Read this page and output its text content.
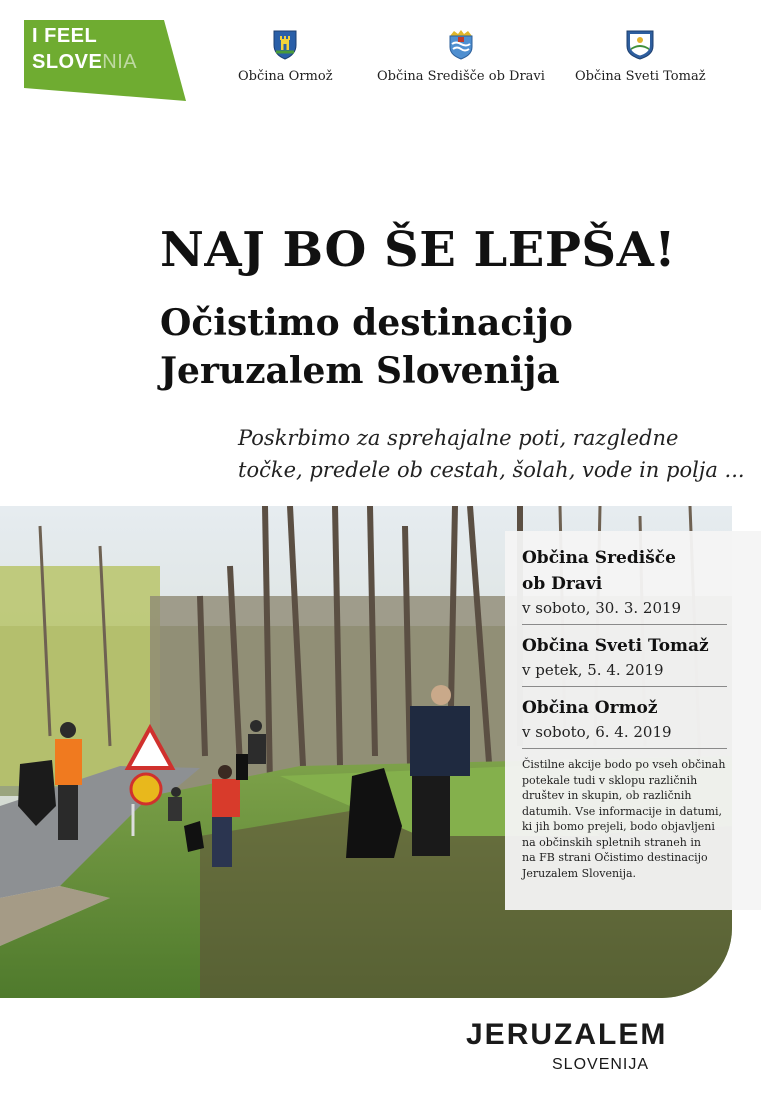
I FEEL
SLOVENIA
Občina Ormož	Občina Središče ob Dravi Občina Sveti Tomaž
NAJ BO ŠE LEPŠA!
Očistimo destinacijo
Jeruzalem Slovenija
Poskrbimo za sprehajalne poti, razgledne
točke, predele ob cestah, šolah, vode in polja ...
Občina Središče
ob Dravi
v soboto, 30. 3. 2019
Občina Sveti Tomaž
v petek, 5. 4. 2019
Občina Ormož
v soboto, 6. 4. 2019
Čistilne akcije bodo po vseh občinah
potekale tudi v sklopu različnih
društev in skupin, ob različnih
datumih. Vse informacije in datumi,
ki jih bomo prejeli, bodo objavljeni
na občinskih spletnih straneh in
na FB strani Očistimo destinacijo
Jeruzalem Slovenija.
JERUZALEM
SLOVENIJA
